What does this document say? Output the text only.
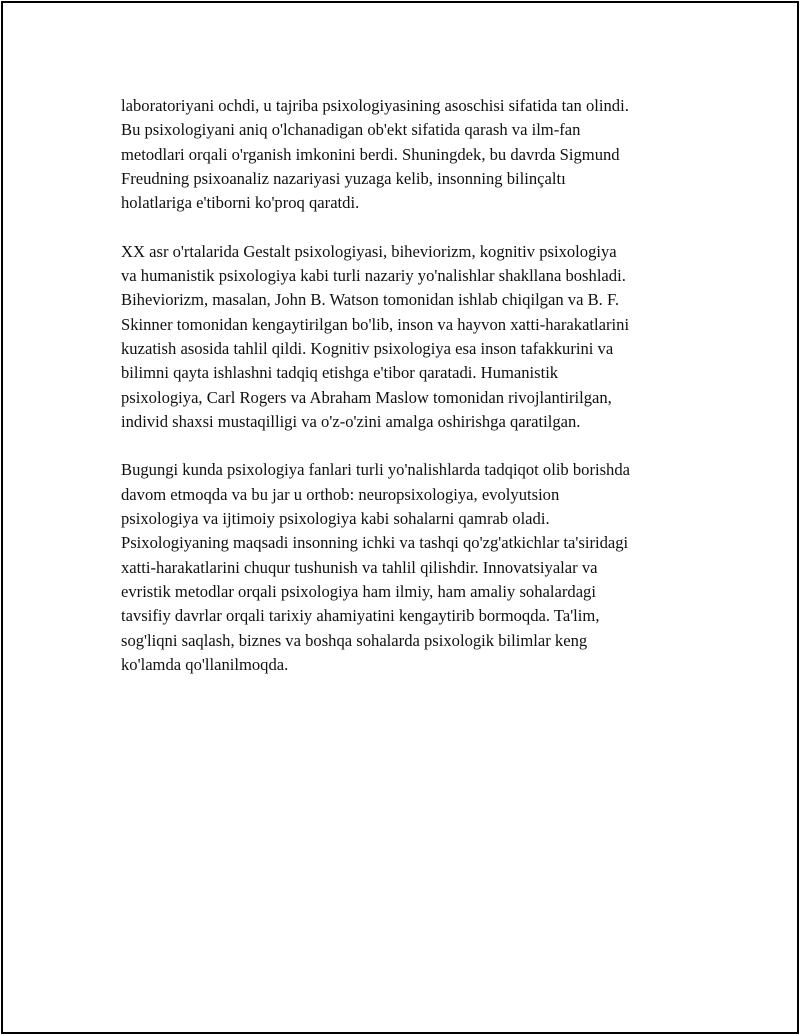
laboratoriyani ochdi, u tajriba psixologiyasining asoschisi sifatida tan olindi.
Bu psixologiyani aniq o'lchanadigan ob'ekt sifatida qarash va ilm-fan
metodlari orqali o'rganish imkonini berdi. Shuningdek, bu davrda Sigmund
Freudning psixoanaliz nazariyasi yuzaga kelib, insonning bilinçaltı
holatlariga e'tiborni ko'proq qaratdi.

XX asr o'rtalarida Gestalt psixologiyasi, biheviorizm, kognitiv psixologiya
va humanistik psixologiya kabi turli nazariy yo'nalishlar shakllana boshladi.
Biheviorizm, masalan, John B. Watson tomonidan ishlab chiqilgan va B. F.
Skinner tomonidan kengaytirilgan bo'lib, inson va hayvon xatti-harakatlarini
kuzatish asosida tahlil qildi. Kognitiv psixologiya esa inson tafakkurini va
bilimni qayta ishlashni tadqiq etishga e'tibor qaratadi. Humanistik
psixologiya, Carl Rogers va Abraham Maslow tomonidan rivojlantirilgan,
individ shaxsi mustaqilligi va o'z-o'zini amalga oshirishga qaratilgan.

Bugungi kunda psixologiya fanlari turli yo'nalishlarda tadqiqot olib borishda
davom etmoqda va bu jar u orthob: neuropsixologiya, evolyutsion
psixologiya va ijtimoiy psixologiya kabi sohalarni qamrab oladi.
Psixologiyaning maqsadi insonning ichki va tashqi qo'zg'atkichlar ta'siridagi
xatti-harakatlarini chuqur tushunish va tahlil qilishdir. Innovatsiyalar va
evristik metodlar orqali psixologiya ham ilmiy, ham amaliy sohalardagi
tavsifiy davrlar orqali tarixiy ahamiyatini kengaytirib bormoqda. Ta'lim,
sog'liqni saqlash, biznes va boshqa sohalarda psixologik bilimlar keng
ko'lamda qo'llanilmoqda.
